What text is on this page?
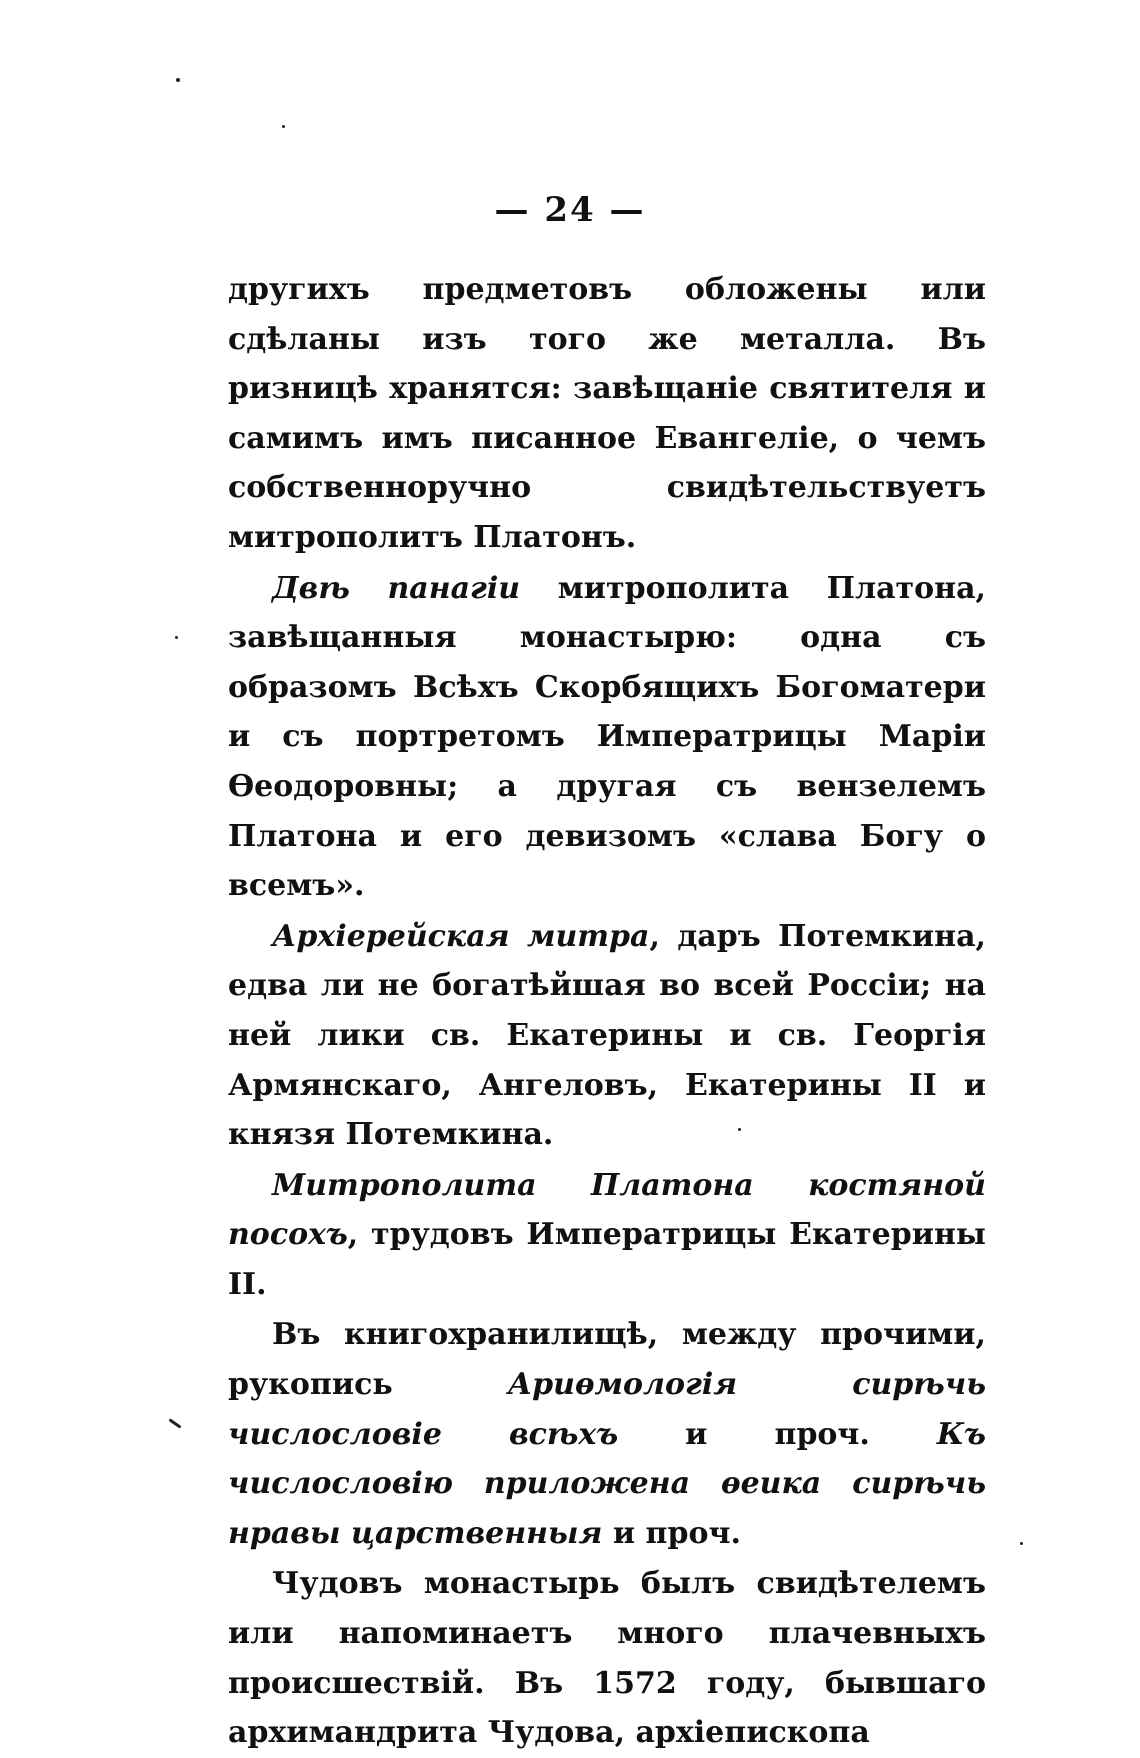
— 24 —

другихъ предметовъ обложены или сдѣланы изъ того же металла. Въ ризницѣ хранятся: завѣщаніе святителя и самимъ имъ писанное Евангеліе, о чемъ собственноручно свидѣтельствуетъ митрополитъ Платонъ.

Двѣ панагіи митрополита Платона, завѣщанныя монастырю: одна съ образомъ Всѣхъ Скорбящихъ Богоматери и съ портретомъ Императрицы Маріи Ѳеодоровны; а другая съ вензелемъ Платона и его девизомъ «слава Богу о всемъ».

Архіерейская митра, даръ Потемкина, едва ли не богатѣйшая во всей Россіи; на ней лики св. Екатерины и св. Георгія Армянскаго, Ангеловъ, Екатерины II и князя Потемкина.

Митрополита Платона костяной посохъ, трудовъ Императрицы Екатерины II.

Въ книгохранилищѣ, между прочими, рукопись Ариѳмологія сирѣчь числословіе всѣхъ и проч. Къ числословію приложена ѳеика сирѣчь нравы царственныя и проч.

Чудовъ монастырь былъ свидѣтелемъ или напоминаетъ много плачевныхъ происшествій. Въ 1572 году, бывшаго архимандрита Чудова, архіепископа
